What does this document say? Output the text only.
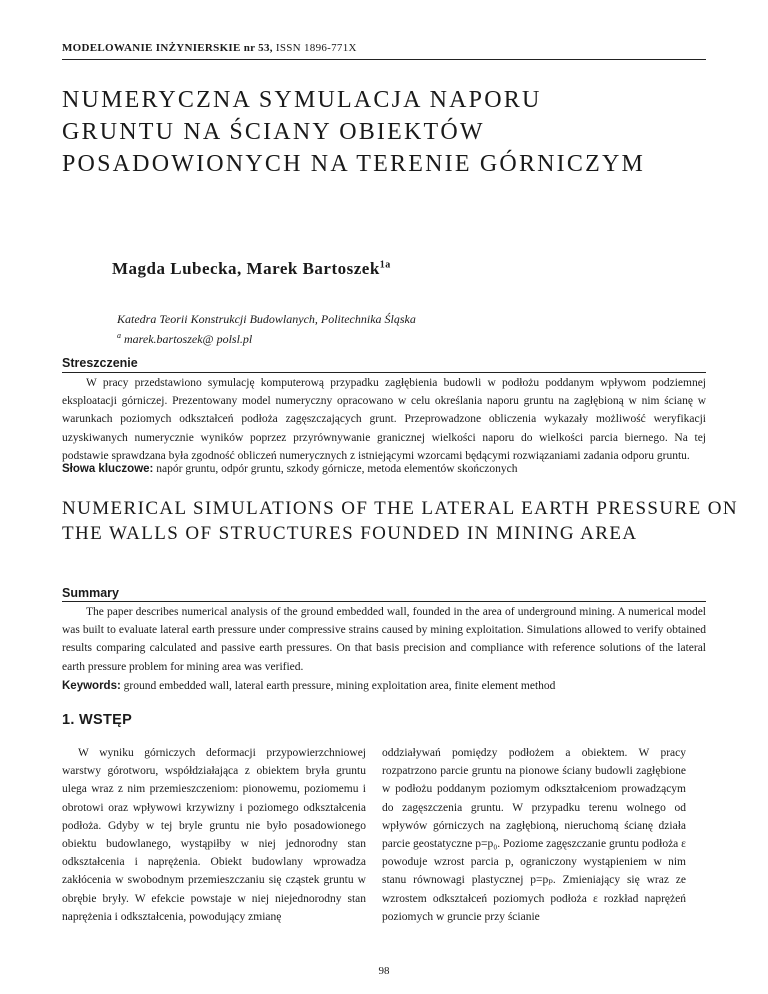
MODELOWANIE INŻYNIERSKIE nr 53, ISSN 1896-771X
NUMERYCZNA SYMULACJA NAPORU GRUNTU NA ŚCIANY OBIEKTÓW POSADOWIONYCH NA TERENIE GÓRNICZYM
Magda Lubecka, Marek Bartoszek$^{1a}$
Katedra Teorii Konstrukcji Budowlanych, Politechnika Śląska
$^a$ marek.bartoszek@ polsl.pl
Streszczenie

W pracy przedstawiono symulację komputerową przypadku zagłębienia budowli w podłożu poddanym wpływom podziemnej eksploatacji górniczej. Prezentowany model numeryczny opracowano w celu określania naporu gruntu na zagłębioną w nim ścianę w warunkach poziomych odkształceń podłoża zagęszczających grunt. Przeprowadzone obliczenia wykazały możliwość weryfikacji uzyskiwanych numerycznie wyników poprzez przyrównywanie granicznej wielkości naporu do wielkości parcia biernego. Na tej podstawie sprawdzana była zgodność obliczeń numerycznych z istniejącymi wzorcami będącymi rozwiązaniami zadania odporu gruntu.

Słowa kluczowe: napór gruntu, odpór gruntu, szkody górnicze, metoda elementów skończonych
NUMERICAL SIMULATIONS OF THE LATERAL EARTH PRESSURE ON THE WALLS OF STRUCTURES FOUNDED IN MINING AREA
Summary

The paper describes numerical analysis of the ground embedded wall, founded in the area of underground mining. A numerical model was built to evaluate lateral earth pressure under compressive strains caused by mining exploitation. Simulations allowed to verify obtained results comparing calculated and passive earth pressures. On that basis precision and compliance with reference solutions of the lateral earth pressure problem for mining area was verified.

Keywords: ground embedded wall, lateral earth pressure, mining exploitation area, finite element method
1. WSTĘP

W wyniku górniczych deformacji przypowierzchniowej warstwy górotworu, współdziałająca z obiektem bryła gruntu ulega wraz z nim przemieszczeniom: pionowemu, poziomemu i obrotowi oraz wpływowi krzywizny i poziomego odkształcenia podłoża. Gdyby w tej bryle gruntu nie było posadowionego obiektu budowlanego, wystąpiłby w niej jednorodny stan odkształcenia i naprężenia. Obiekt budowlany wprowadza zakłócenia w swobodnym przemieszczaniu się cząstek gruntu w obrębie bryły. W efekcie powstaje w niej niejednorodny stan naprężenia i odkształcenia, powodujący zmianę

oddziaływań pomiędzy podłożem a obiektem. W pracy rozpatrzono parcie gruntu na pionowe ściany budowli zagłębione w podłożu poddanym poziomym odkształceniom prowadzącym do zagęszczenia gruntu. W przypadku terenu wolnego od wpływów górniczych na zagłębioną, nieruchomą ścianę działa parcie geostatyczne p=p₀. Poziome zagęszczanie gruntu podłoża ε powoduje wzrost parcia p, ograniczony wystąpieniem w nim stanu równowagi plastycznej p=pₚ. Zmieniający się wraz ze wzrostem odkształceń poziomych podłoża ε rozkład naprężeń poziomych w gruncie przy ścianie

98
